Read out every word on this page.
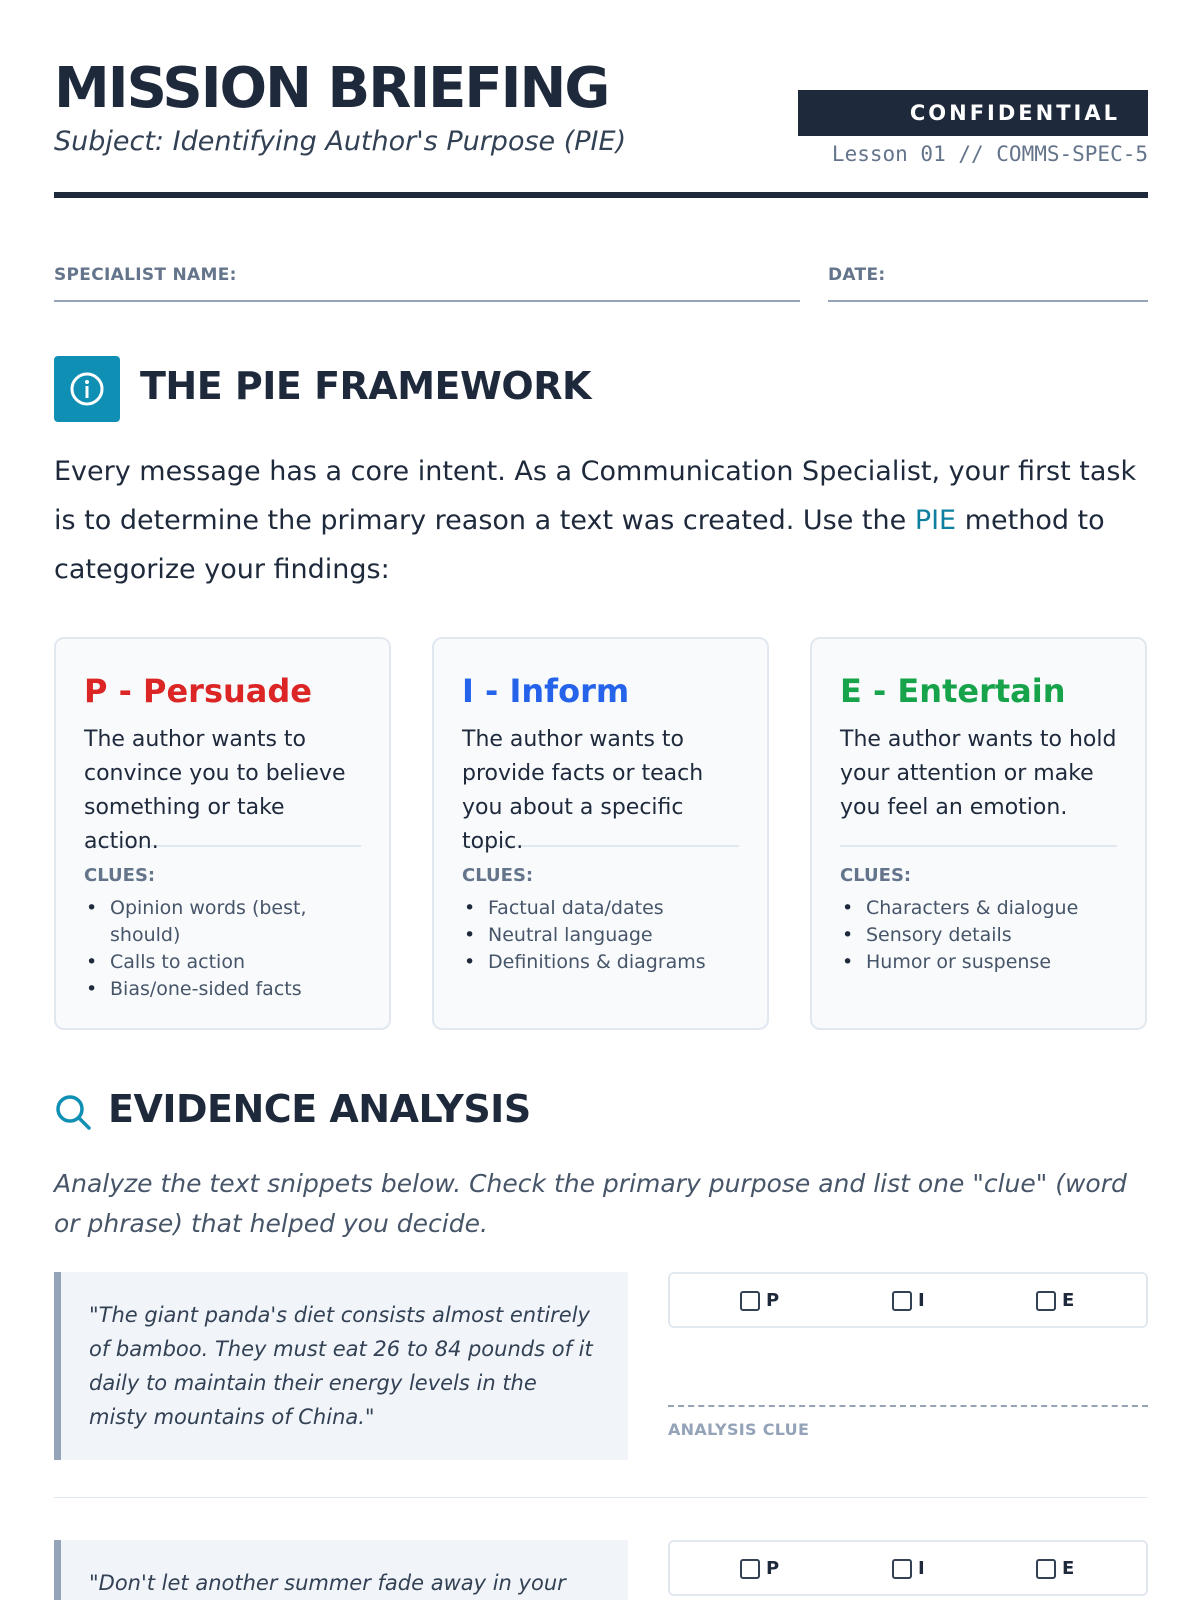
MISSION BRIEFING
Subject: Identifying Author's Purpose (PIE)
CONFIDENTIAL
Lesson 01 // COMMS-SPEC-5
SPECIALIST NAME:	DATE:
THE PIE FRAMEWORK
Every message has a core intent. As a Communication Specialist, your first task is to determine the primary reason a text was created. Use the PIE method to categorize your findings:
P - Persuade
The author wants to convince you to believe something or take action.
CLUES:
• Opinion words (best, should)
• Calls to action
• Bias/one-sided facts
I - Inform
The author wants to provide facts or teach you about a specific topic.
CLUES:
• Factual data/dates
• Neutral language
• Definitions & diagrams
E - Entertain
The author wants to hold your attention or make you feel an emotion.
CLUES:
• Characters & dialogue
• Sensory details
• Humor or suspense
EVIDENCE ANALYSIS
Analyze the text snippets below. Check the primary purpose and list one "clue" (word or phrase) that helped you decide.
"The giant panda's diet consists almost entirely of bamboo. They must eat 26 to 84 pounds of it daily to maintain their energy levels in the misty mountains of China."
P	I	E
ANALYSIS CLUE
"Don't let another summer fade away in your
P	I	E
